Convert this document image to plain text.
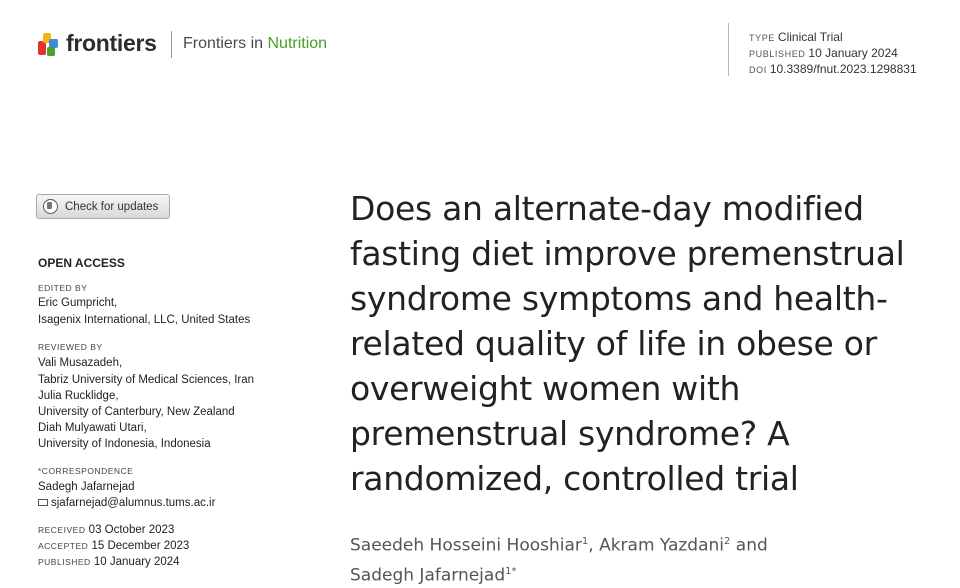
frontiers Frontiers in Nutrition	TYPE Clinical Trial
PUBLISHED 10 January 2024
DOI 10.3389/fnut.2023.1298831
Check for updates
OPEN ACCESS
EDITED BY
Eric Gumpricht,
Isagenix International, LLC, United States
REVIEWED BY
Vali Musazadeh,
Tabriz University of Medical Sciences, Iran
Julia Rucklidge,
University of Canterbury, New Zealand
Diah Mulyawati Utari,
University of Indonesia, Indonesia
*CORRESPONDENCE
Sadegh Jafarnejad
sjafarnejad@alumnus.tums.ac.ir
RECEIVED 03 October 2023
ACCEPTED 15 December 2023
PUBLISHED 10 January 2024
Does an alternate-day modified fasting diet improve premenstrual syndrome symptoms and health-related quality of life in obese or overweight women with premenstrual syndrome? A randomized, controlled trial
Saeedeh Hosseini Hooshiar$^1$, Akram Yazdani$^2$ and
Sadegh Jafarnejad$^{1*}$
